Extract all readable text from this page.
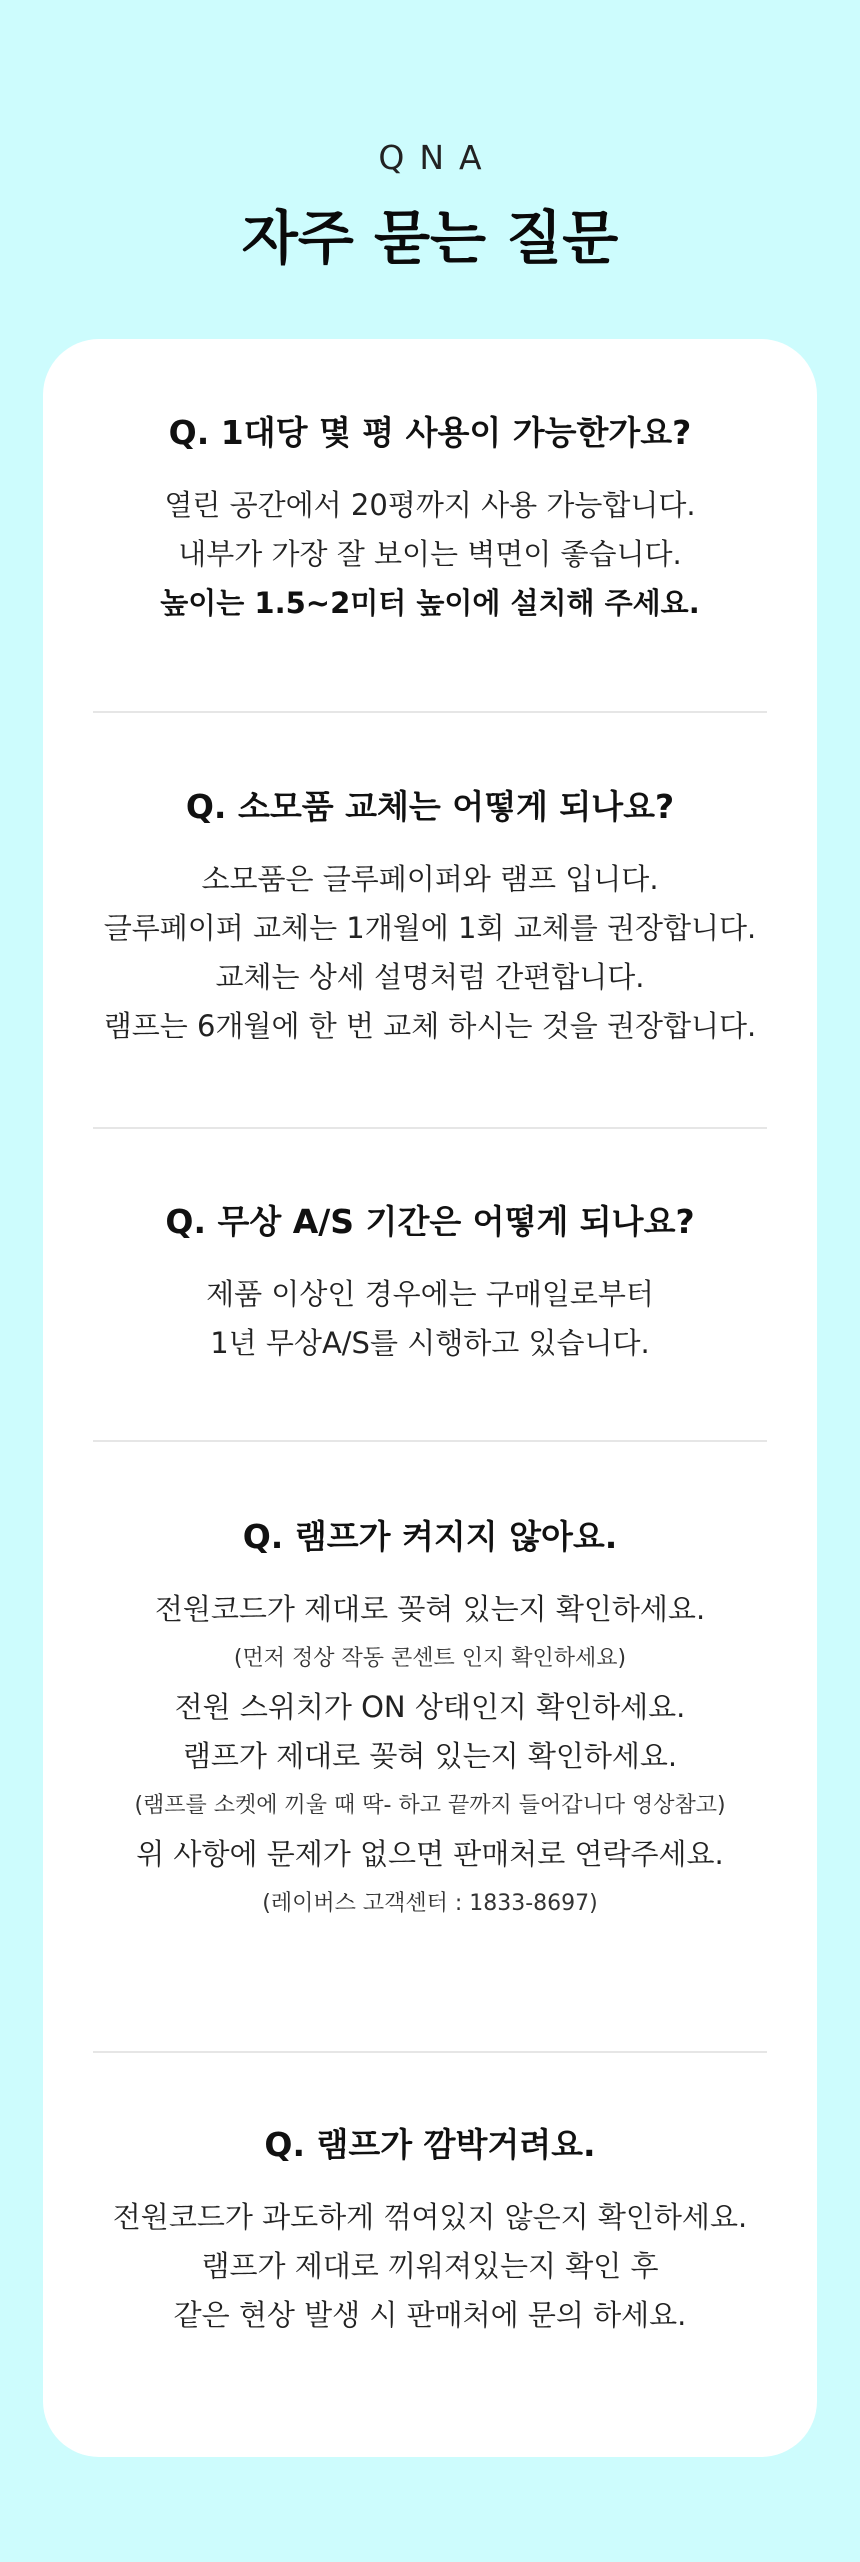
QNA
자주 묻는 질문
Q. 1대당 몇 평 사용이 가능한가요?
열린 공간에서 20평까지 사용 가능합니다.
내부가 가장 잘 보이는 벽면이 좋습니다.
높이는 1.5~2미터 높이에 설치해 주세요.
Q. 소모품 교체는 어떻게 되나요?
소모품은 글루페이퍼와 램프 입니다.
글루페이퍼 교체는 1개월에 1회 교체를 권장합니다.
교체는 상세 설명처럼 간편합니다.
램프는 6개월에 한 번 교체 하시는 것을 권장합니다.
Q. 무상 A/S 기간은 어떻게 되나요?
제품 이상인 경우에는 구매일로부터
1년 무상A/S를 시행하고 있습니다.
Q. 램프가 켜지지 않아요.
전원코드가 제대로 꽂혀 있는지 확인하세요.
(먼저 정상 작동 콘센트 인지 확인하세요)
전원 스위치가 ON 상태인지 확인하세요.
램프가 제대로 꽂혀 있는지 확인하세요.
(램프를 소켓에 끼울 때 딱- 하고 끝까지 들어갑니다 영상참고)
위 사항에 문제가 없으면 판매처로 연락주세요.
(레이버스 고객센터 : 1833-8697)
Q. 램프가 깜박거려요.
전원코드가 과도하게 꺾여있지 않은지 확인하세요.
램프가 제대로 끼워져있는지 확인 후
같은 현상 발생 시 판매처에 문의 하세요.
